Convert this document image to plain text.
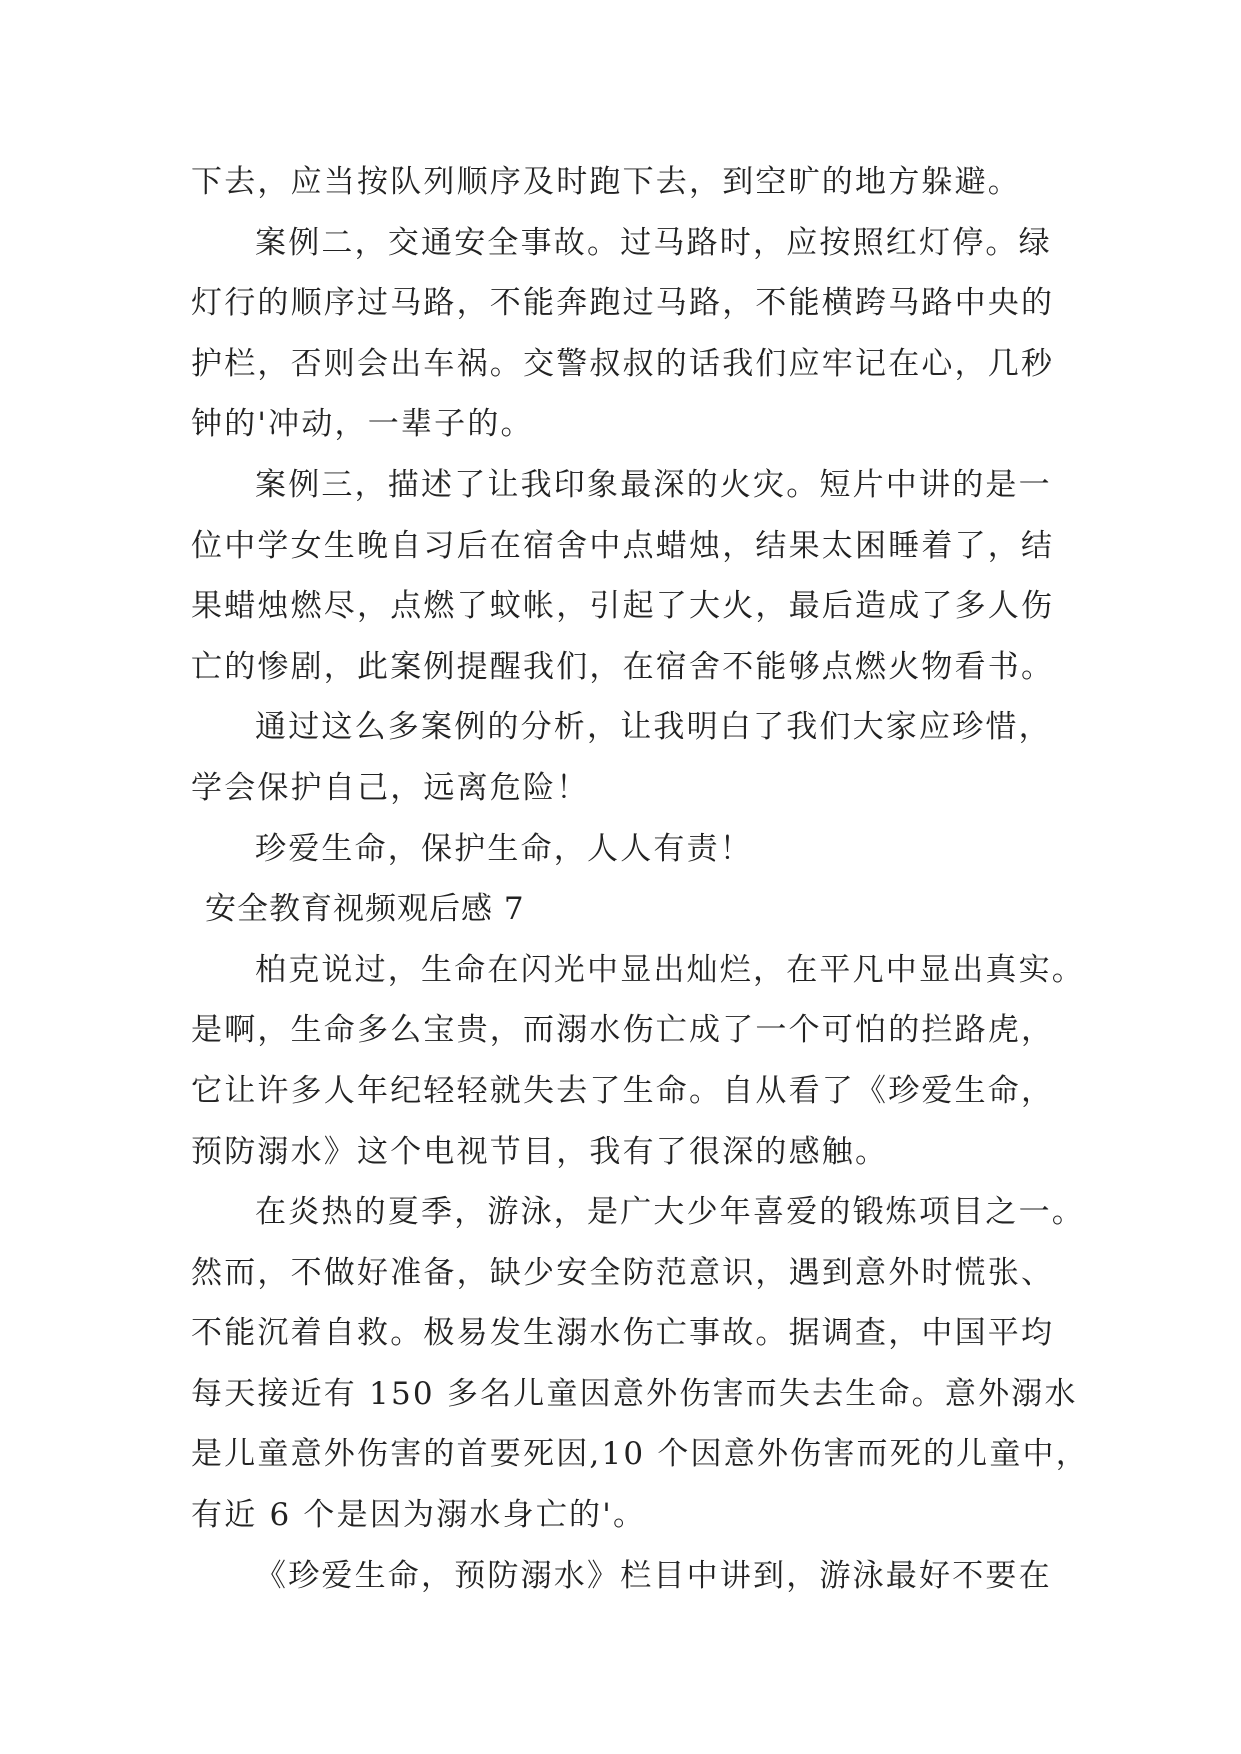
下去，应当按队列顺序及时跑下去，到空旷的地方躲避。
案例二，交通安全事故。过马路时，应按照红灯停。绿
灯行的顺序过马路，不能奔跑过马路，不能横跨马路中央的
护栏，否则会出车祸。交警叔叔的话我们应牢记在心，几秒
钟的'冲动，一辈子的。
案例三，描述了让我印象最深的火灾。短片中讲的是一
位中学女生晚自习后在宿舍中点蜡烛，结果太困睡着了，结
果蜡烛燃尽，点燃了蚊帐，引起了大火，最后造成了多人伤
亡的惨剧，此案例提醒我们，在宿舍不能够点燃火物看书。
通过这么多案例的分析，让我明白了我们大家应珍惜，
学会保护自己，远离危险！
珍爱生命，保护生命，人人有责！
安全教育视频观后感 7
柏克说过，生命在闪光中显出灿烂，在平凡中显出真实。
是啊，生命多么宝贵，而溺水伤亡成了一个可怕的拦路虎，
它让许多人年纪轻轻就失去了生命。自从看了《珍爱生命，
预防溺水》这个电视节目，我有了很深的感触。
在炎热的夏季，游泳，是广大少年喜爱的锻炼项目之一。
然而，不做好准备，缺少安全防范意识，遇到意外时慌张、
不能沉着自救。极易发生溺水伤亡事故。据调查，中国平均
每天接近有 150 多名儿童因意外伤害而失去生命。意外溺水
是儿童意外伤害的首要死因,10 个因意外伤害而死的儿童中，
有近 6 个是因为溺水身亡的'。
《珍爱生命，预防溺水》栏目中讲到，游泳最好不要在
